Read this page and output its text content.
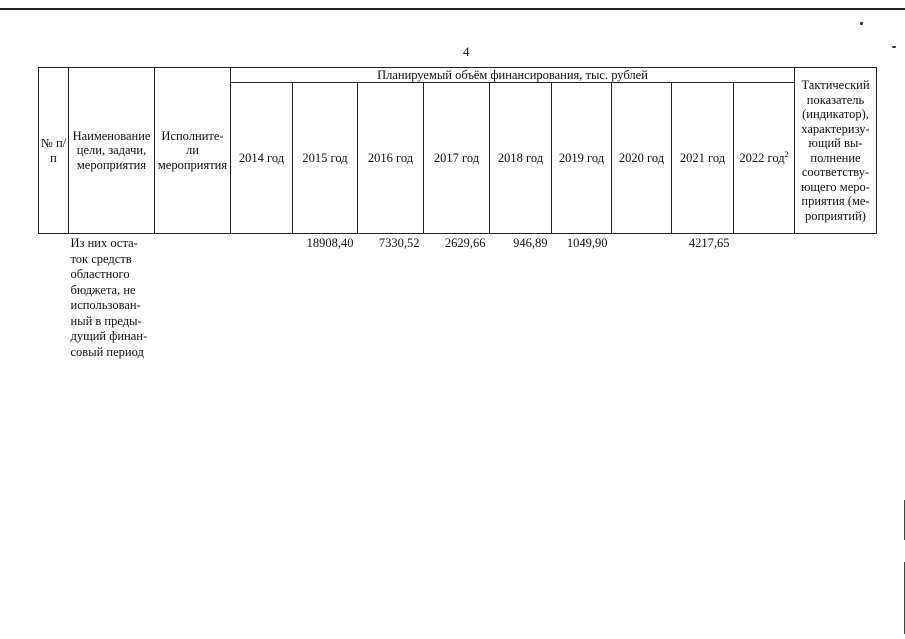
4
№ п/п	Наименование цели, задачи, мероприятия	Исполните-ли мероприятия	Планируемый объём финансирования, тыс. рублей									Тактический показатель (индикатор), характеризу-ющий вы-полнение соответству-ющего меро-приятия (ме-роприятий)
			2014 год	2015 год	2016 год	2017 год	2018 год	2019 год	2020 год	2021 год	2022 год$^2$
	Из них оста-ток средств областного бюджета, не использован-ный в преды-дущий финан-совый период			18908,40	7330,52	2629,66	946,89	1049,90		4217,65		
